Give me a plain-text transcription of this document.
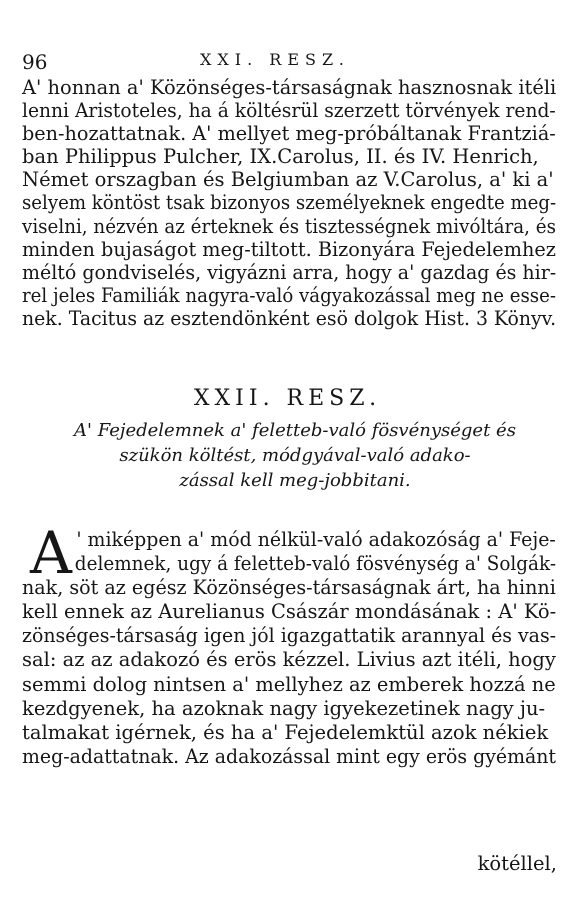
96	XXI. RESZ.
A' honnan a' Közönséges-társaságnak hasznosnak itéli
lenni Aristoteles, ha á költésrül szerzett törvények rend-
ben-hozattatnak. A' mellyet meg-próbáltanak Frantziá-
ban Philippus Pulcher, IX.Carolus, II. és IV. Henrich,
Német orszagban és Belgiumban az V.Carolus, a' ki a'
selyem köntöst tsak bizonyos személyeknek engedte meg-
viselni, nézvén az érteknek és tisztességnek mivóltára, és
minden bujaságot meg-tiltott. Bizonyára Fejedelemhez
méltó gondviselés, vigyázni arra, hogy a' gazdag és hir-
rel jeles Familiák nagyra-való vágyakozással meg ne esse-
nek. Tacitus az esztendönként esö dolgok Hist. 3 Könyv.
XXII. RESZ.
A' Fejedelemnek a' feletteb-való fösvénységet és
szükön költést, módgyával-való adako-
zással kell meg-jobbitani.
A ' miképpen a' mód nélkül-való adakozóság a' Feje-
delemnek, ugy á feletteb-való fösvénység a' Solgák-
nak, söt az egész Közönséges-társaságnak árt, ha hinni
kell ennek az Aurelianus Császár mondásának : A' Kö-
zönséges-társaság igen jól igazgattatik arannyal és vas-
sal: az az adakozó és erös kézzel. Livius azt itéli, hogy
semmi dolog nintsen a' mellyhez az emberek hozzá ne
kezdgyenek, ha azoknak nagy igyekezetinek nagy ju-
talmakat igérnek, és ha a' Fejedelemktül azok nékiek
meg-adattatnak. Az adakozással mint egy erös gyémánt
kötéllel,
